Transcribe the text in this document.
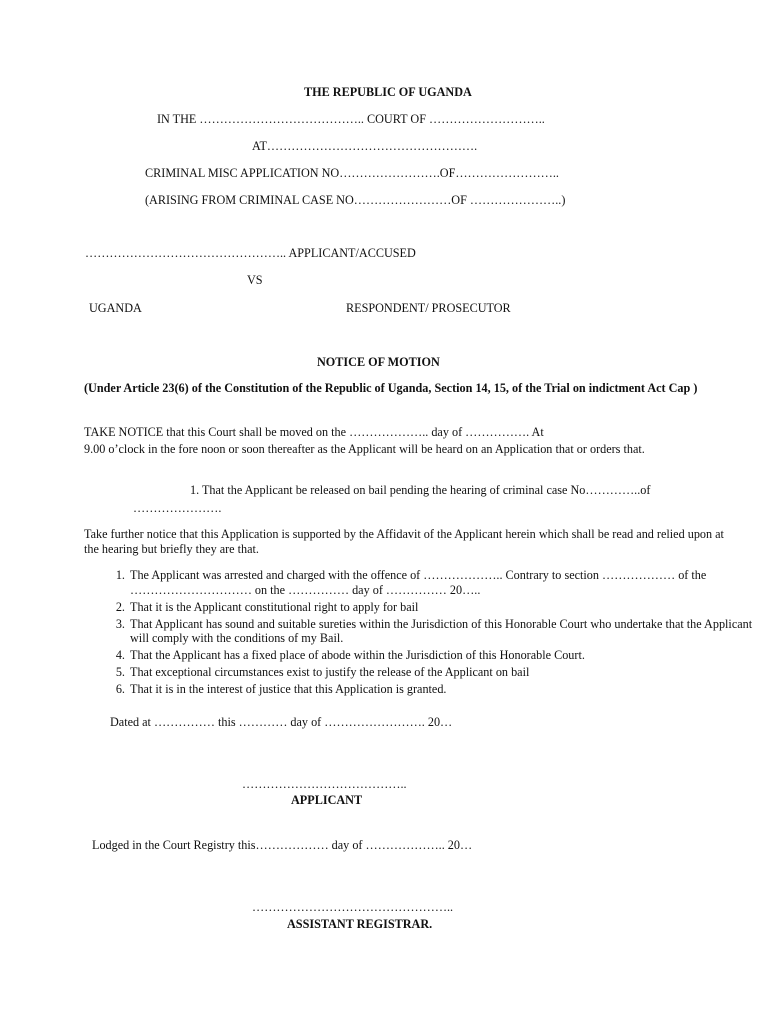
THE REPUBLIC OF UGANDA

IN THE ………………………………….. COURT OF ………………………..

AT…………………………………………….

CRIMINAL MISC APPLICATION NO…………………….OF……………………..

(ARISING FROM CRIMINAL CASE NO……………………OF …………………..)

………………………………………….. APPLICANT/ACCUSED

VS

UGANDA	RESPONDENT/ PROSECUTOR

NOTICE OF MOTION

(Under Article 23(6) of the Constitution of the Republic of Uganda, Section 14, 15, of the Trial on indictment Act Cap )

TAKE NOTICE that this Court shall be moved on the ……………….. day of ……………. At

9.00 o’clock in the fore noon or soon thereafter as the Applicant will be heard on an Application that or orders that.

1. That the Applicant be released on bail pending the hearing of criminal case No…………..of

………………….

Take further notice that this Application is supported by the Affidavit of the Applicant herein which shall be read and relied upon at the hearing but briefly they are that.

1. The Applicant was arrested and charged with the offence of ……………….. Contrary to section ……………… of the ………………………… on the …………… day of …………… 20…..
2. That it is the Applicant constitutional right to apply for bail
3. That Applicant has sound and suitable sureties within the Jurisdiction of this Honorable Court who undertake that the Applicant will comply with the conditions of my Bail.
4. That the Applicant has a fixed place of abode within the Jurisdiction of this Honorable Court.
5. That exceptional circumstances exist to justify the release of the Applicant on bail
6. That it is in the interest of justice that this Application is granted.

Dated at …………… this ………… day of ……………………. 20…

…………………………………..

APPLICANT

Lodged in the Court Registry this……………… day of ……………….. 20…

…………………………………………..

ASSISTANT REGISTRAR.
